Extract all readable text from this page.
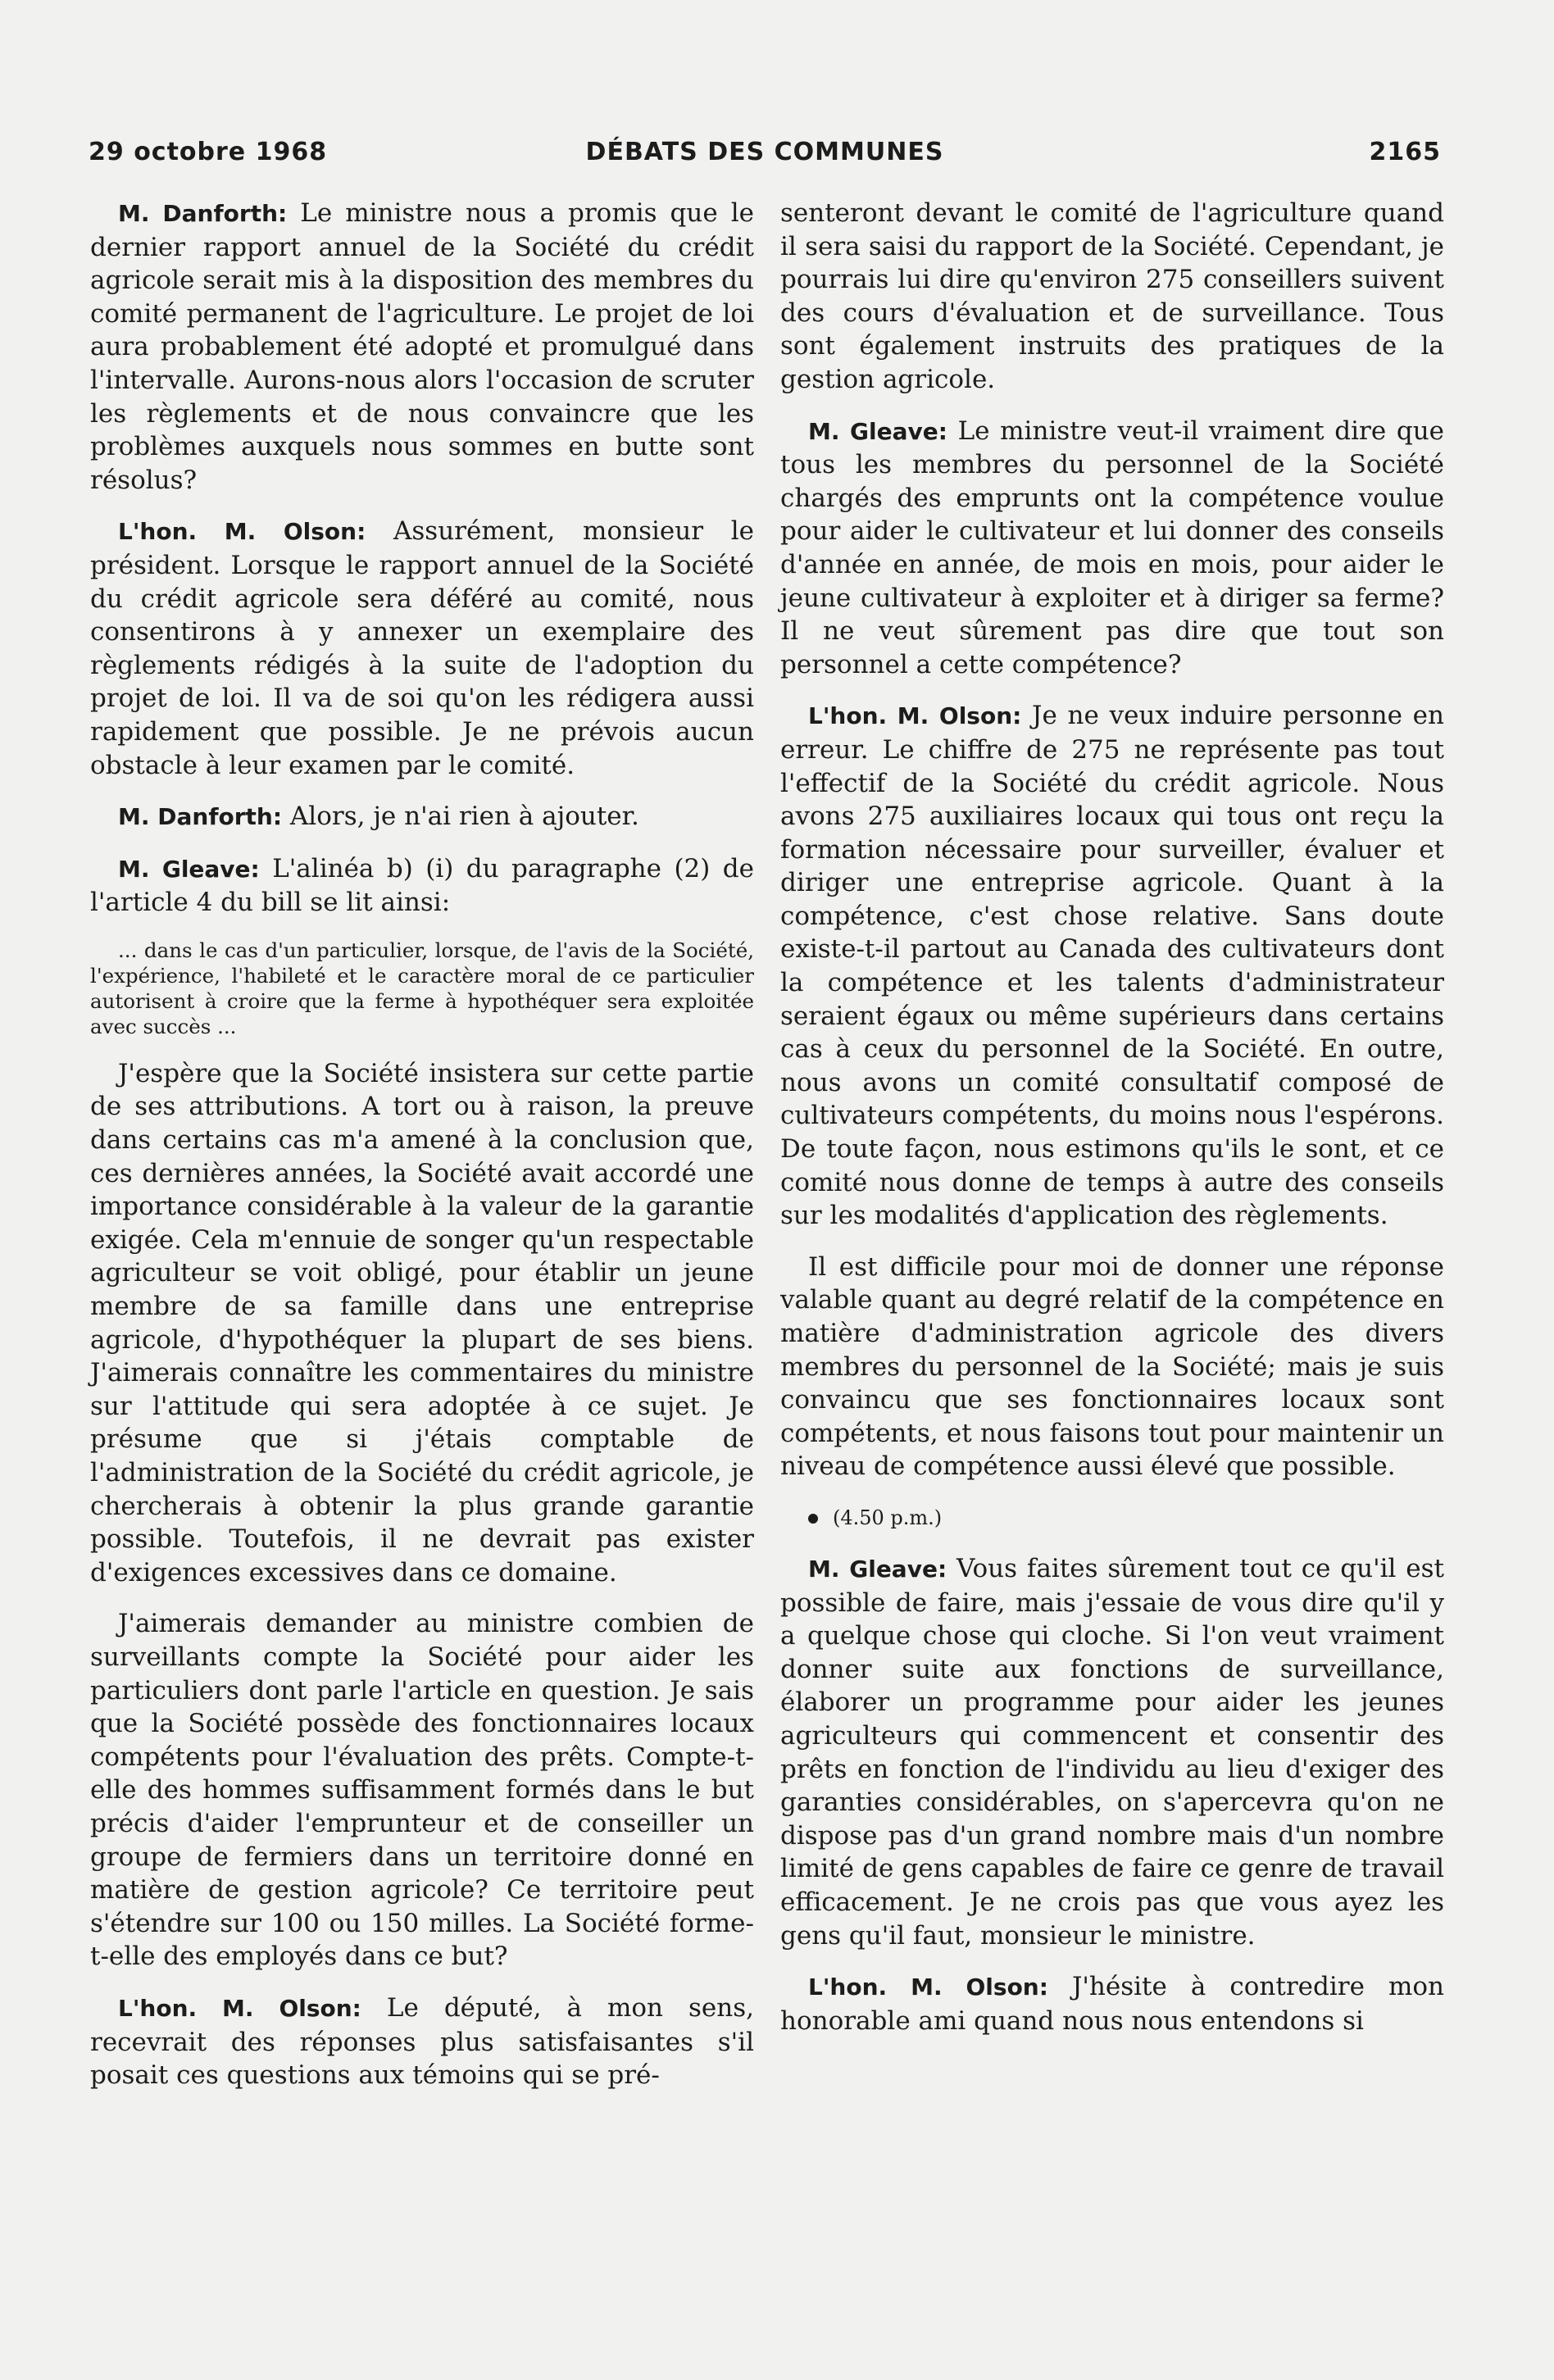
29 octobre 1968	DÉBATS DES COMMUNES	2165

M. Danforth: Le ministre nous a promis que le dernier rapport annuel de la Société du crédit agricole serait mis à la disposition des membres du comité permanent de l'agriculture. Le projet de loi aura probablement été adopté et promulgué dans l'intervalle. Aurons-nous alors l'occasion de scruter les règlements et de nous convaincre que les problèmes auxquels nous sommes en butte sont résolus?

L'hon. M. Olson: Assurément, monsieur le président. Lorsque le rapport annuel de la Société du crédit agricole sera déféré au comité, nous consentirons à y annexer un exemplaire des règlements rédigés à la suite de l'adoption du projet de loi. Il va de soi qu'on les rédigera aussi rapidement que possible. Je ne prévois aucun obstacle à leur examen par le comité.

M. Danforth: Alors, je n'ai rien à ajouter.

M. Gleave: L'alinéa b) (i) du paragraphe (2) de l'article 4 du bill se lit ainsi:

... dans le cas d'un particulier, lorsque, de l'avis de la Société, l'expérience, l'habileté et le caractère moral de ce particulier autorisent à croire que la ferme à hypothéquer sera exploitée avec succès ...

J'espère que la Société insistera sur cette partie de ses attributions. A tort ou à raison, la preuve dans certains cas m'a amené à la conclusion que, ces dernières années, la Société avait accordé une importance considérable à la valeur de la garantie exigée. Cela m'ennuie de songer qu'un respectable agriculteur se voit obligé, pour établir un jeune membre de sa famille dans une entreprise agricole, d'hypothéquer la plupart de ses biens. J'aimerais connaître les commentaires du ministre sur l'attitude qui sera adoptée à ce sujet. Je présume que si j'étais comptable de l'administration de la Société du crédit agricole, je chercherais à obtenir la plus grande garantie possible. Toutefois, il ne devrait pas exister d'exigences excessives dans ce domaine.

J'aimerais demander au ministre combien de surveillants compte la Société pour aider les particuliers dont parle l'article en question. Je sais que la Société possède des fonctionnaires locaux compétents pour l'évaluation des prêts. Compte-t-elle des hommes suffisamment formés dans le but précis d'aider l'emprunteur et de conseiller un groupe de fermiers dans un territoire donné en matière de gestion agricole? Ce territoire peut s'étendre sur 100 ou 150 milles. La Société forme-t-elle des employés dans ce but?

L'hon. M. Olson: Le député, à mon sens, recevrait des réponses plus satisfaisantes s'il posait ces questions aux témoins qui se pré-

senteront devant le comité de l'agriculture quand il sera saisi du rapport de la Société. Cependant, je pourrais lui dire qu'environ 275 conseillers suivent des cours d'évaluation et de surveillance. Tous sont également instruits des pratiques de la gestion agricole.

M. Gleave: Le ministre veut-il vraiment dire que tous les membres du personnel de la Société chargés des emprunts ont la compétence voulue pour aider le cultivateur et lui donner des conseils d'année en année, de mois en mois, pour aider le jeune cultivateur à exploiter et à diriger sa ferme? Il ne veut sûrement pas dire que tout son personnel a cette compétence?

L'hon. M. Olson: Je ne veux induire personne en erreur. Le chiffre de 275 ne représente pas tout l'effectif de la Société du crédit agricole. Nous avons 275 auxiliaires locaux qui tous ont reçu la formation nécessaire pour surveiller, évaluer et diriger une entreprise agricole. Quant à la compétence, c'est chose relative. Sans doute existe-t-il partout au Canada des cultivateurs dont la compétence et les talents d'administrateur seraient égaux ou même supérieurs dans certains cas à ceux du personnel de la Société. En outre, nous avons un comité consultatif composé de cultivateurs compétents, du moins nous l'espérons. De toute façon, nous estimons qu'ils le sont, et ce comité nous donne de temps à autre des conseils sur les modalités d'application des règlements.

Il est difficile pour moi de donner une réponse valable quant au degré relatif de la compétence en matière d'administration agricole des divers membres du personnel de la Société; mais je suis convaincu que ses fonctionnaires locaux sont compétents, et nous faisons tout pour maintenir un niveau de compétence aussi élevé que possible.

(4.50 p.m.)

M. Gleave: Vous faites sûrement tout ce qu'il est possible de faire, mais j'essaie de vous dire qu'il y a quelque chose qui cloche. Si l'on veut vraiment donner suite aux fonctions de surveillance, élaborer un programme pour aider les jeunes agriculteurs qui commencent et consentir des prêts en fonction de l'individu au lieu d'exiger des garanties considérables, on s'apercevra qu'on ne dispose pas d'un grand nombre mais d'un nombre limité de gens capables de faire ce genre de travail efficacement. Je ne crois pas que vous ayez les gens qu'il faut, monsieur le ministre.

L'hon. M. Olson: J'hésite à contredire mon honorable ami quand nous nous entendons si
